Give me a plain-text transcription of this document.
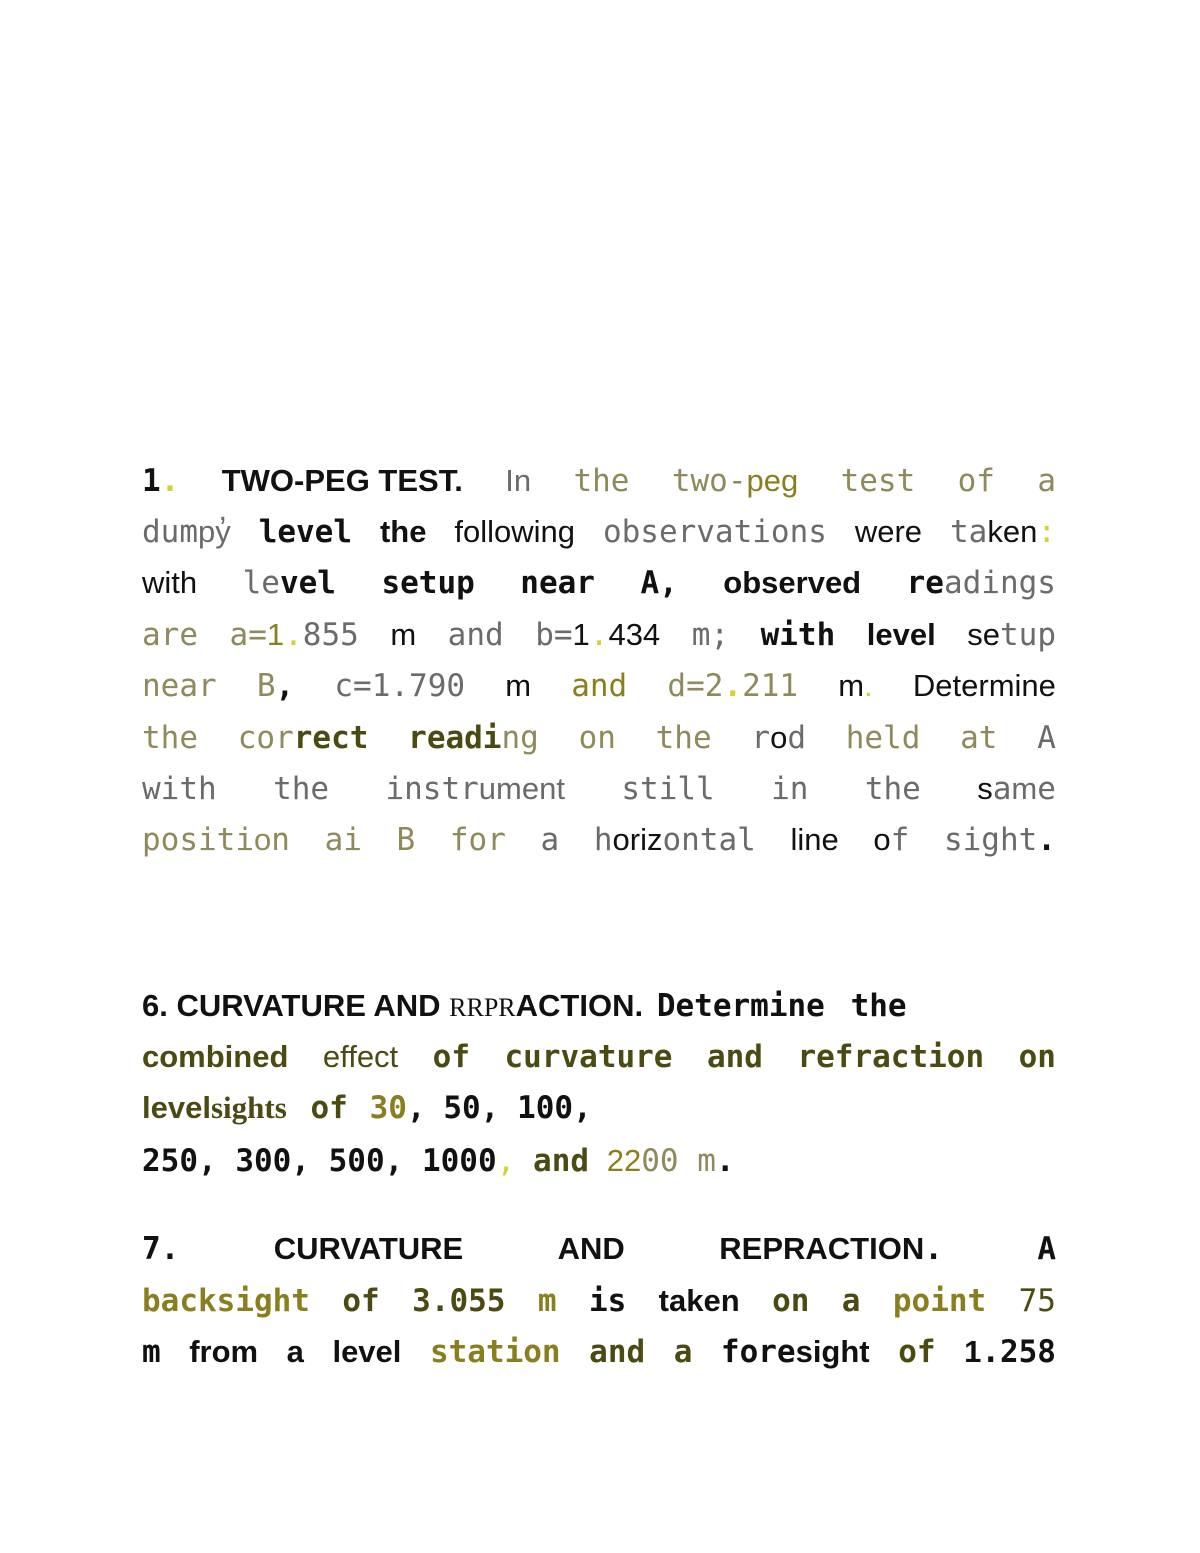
1. TWO-PEG TEST. In the two-peg test of a
dumpy̓ level the following observations were taken:
with level setup near A, observed readings
are a=1.855 m and b=1.434 m; with level setup
near B, c=1.790 m and d=2.211 m. Determine
the correct reading on the rod held at A
with the instrument still in the same
position ai B for a horizontal line of sight.
6. CURVATURE AND RRPRACTION. Determine the
combined effect of curvature and refraction on
levelsights of 30, 50, 100,
250, 300, 500, 1000, and 2200 m.
7.	CURVATURE	AND	REPRACTION.	A
backsight of 3.055 m is taken on a point 75
m from a level station and a foresight of 1.258
